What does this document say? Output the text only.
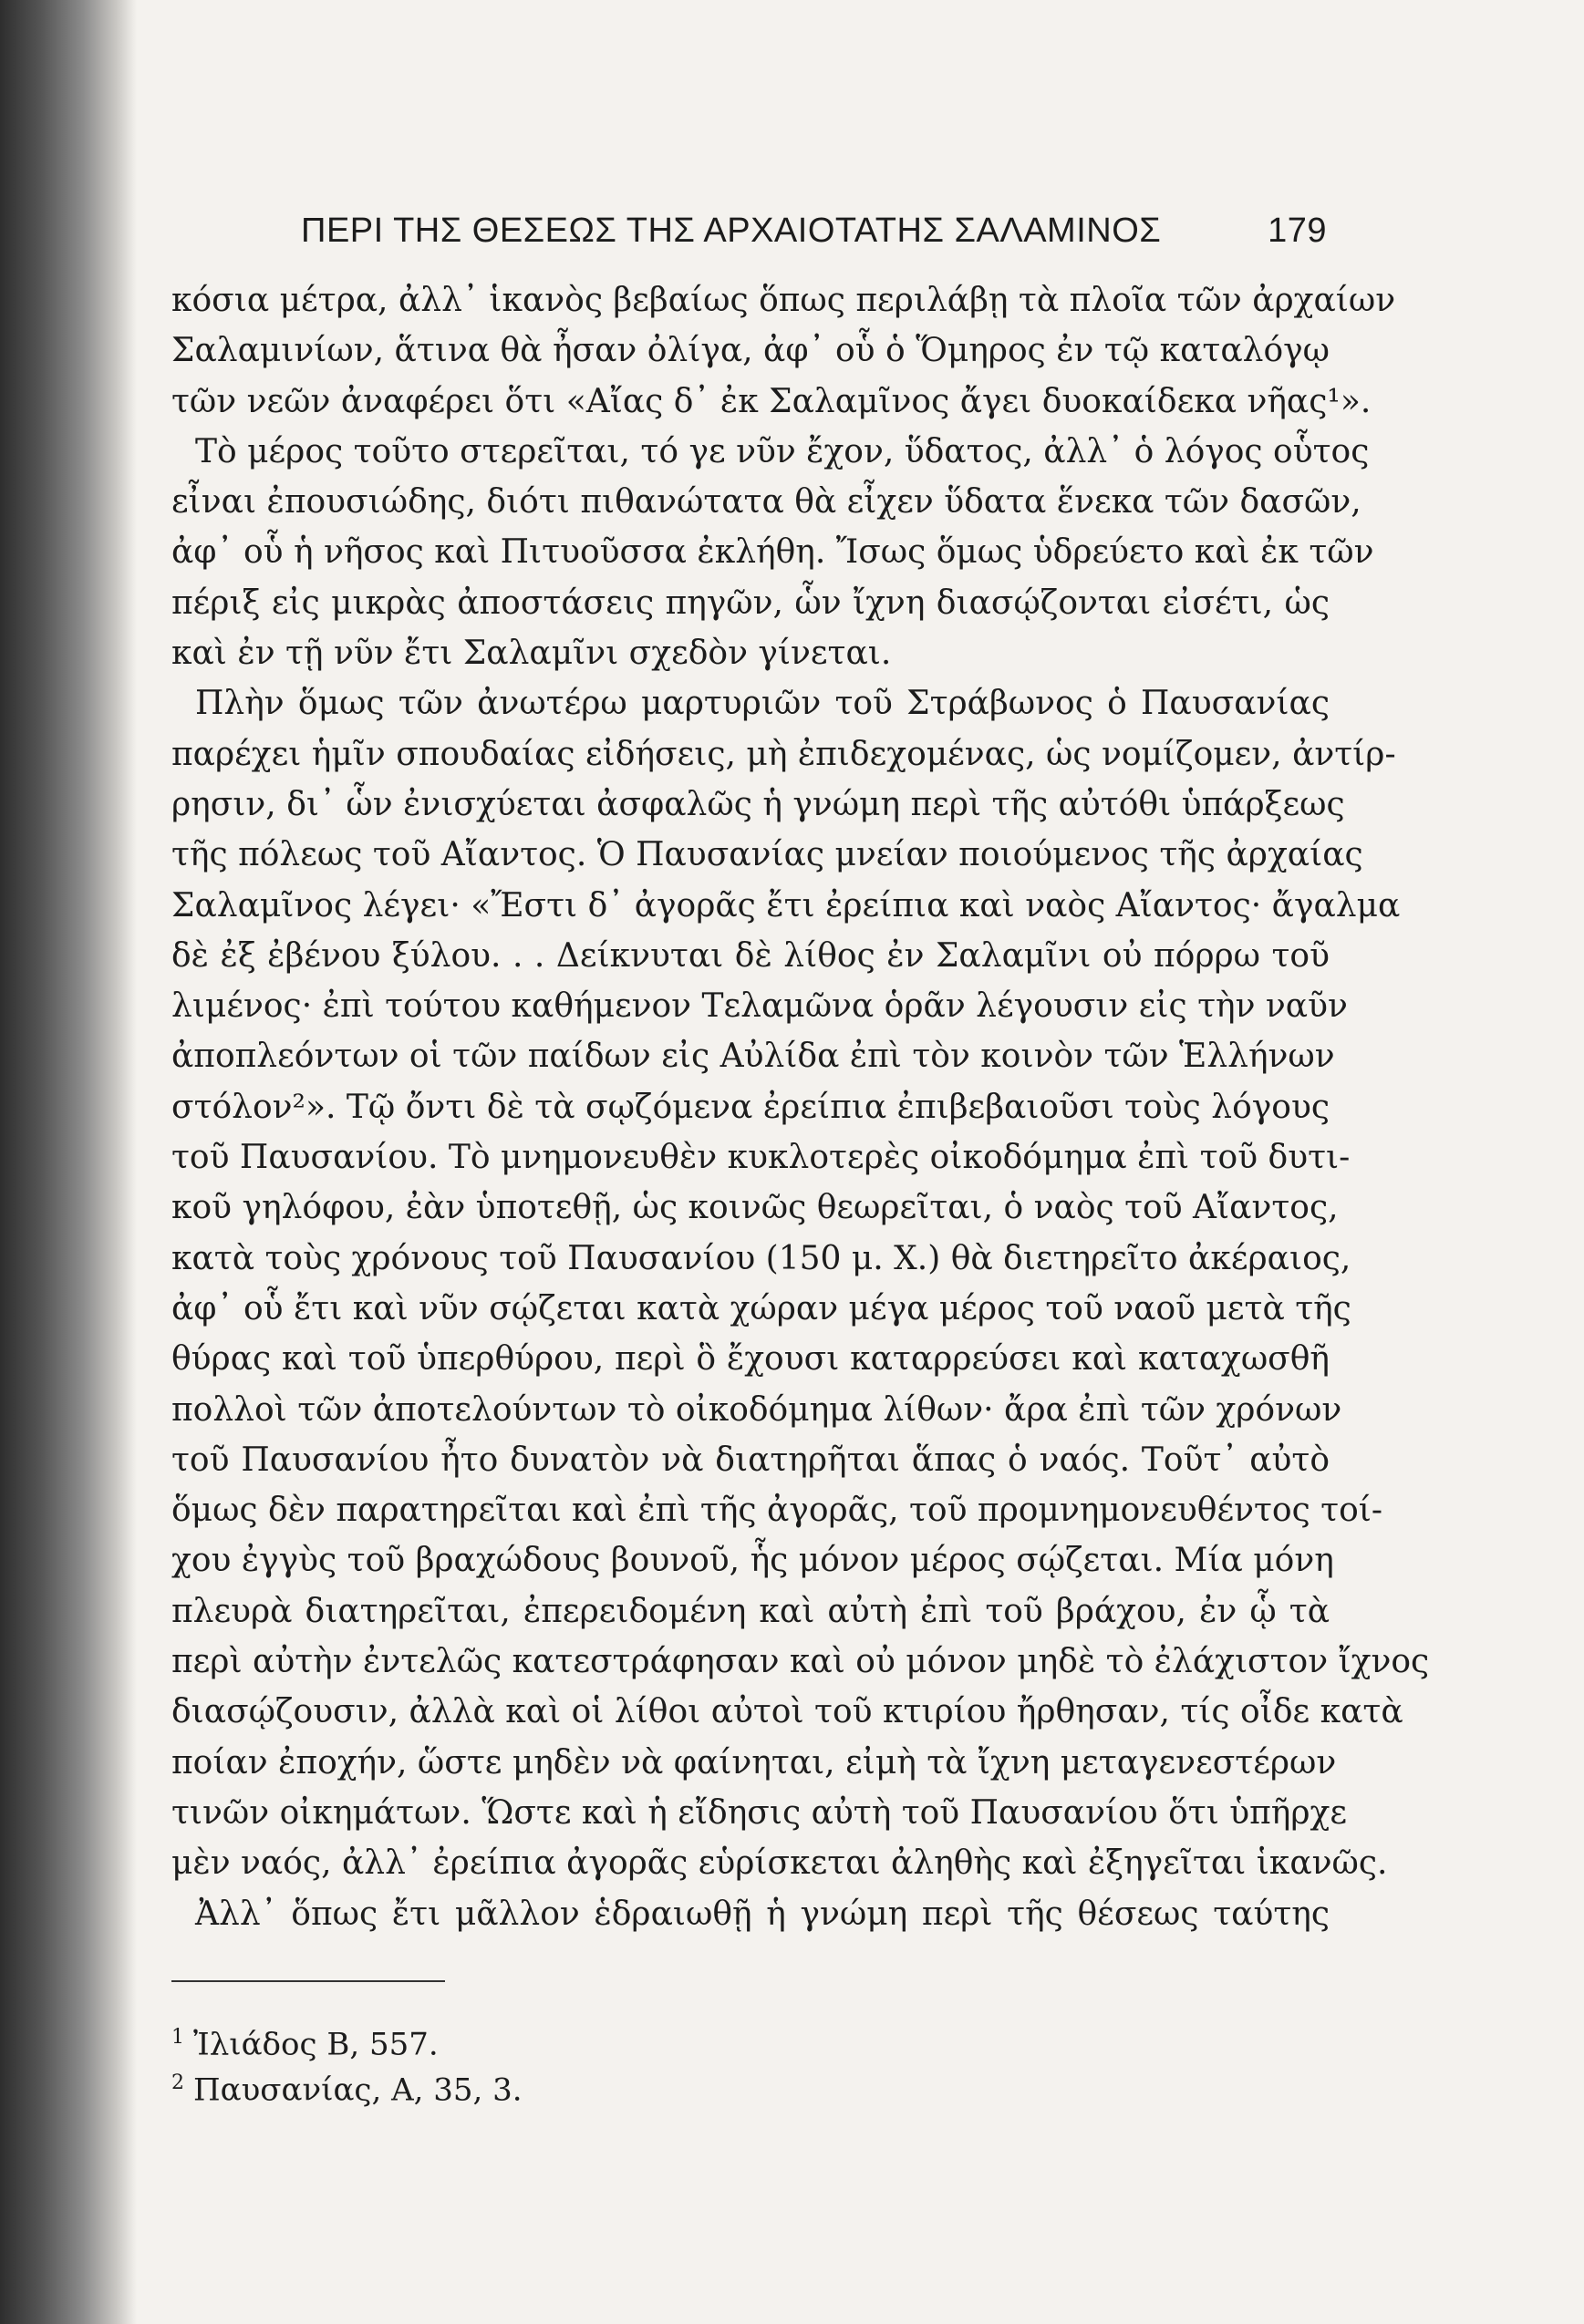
ΠΕΡΙ ΤΗΣ ΘΕΣΕΩΣ ΤΗΣ ΑΡΧΑΙΟΤΑΤΗΣ ΣΑΛΑΜΙΝΟΣ	179
κόσια μέτρα, ἀλλ᾽ ἱκανὸς βεβαίως ὅπως περιλάβῃ τὰ πλοῖα τῶν ἀρχαίων
Σαλαμινίων, ἅτινα θὰ ἦσαν ὀλίγα, ἀφ᾽ οὗ ὁ Ὅμηρος ἐν τῷ καταλόγῳ
τῶν νεῶν ἀναφέρει ὅτι «Αἴας δ᾽ ἐκ Σαλαμῖνος ἄγει δυοκαίδεκα νῆας¹».
Τὸ μέρος τοῦτο στερεῖται, τό γε νῦν ἔχον, ὕδατος, ἀλλ᾽ ὁ λόγος οὗτος
εἶναι ἐπουσιώδης, διότι πιθανώτατα θὰ εἶχεν ὕδατα ἕνεκα τῶν δασῶν,
ἀφ᾽ οὗ ἡ νῆσος καὶ Πιτυοῦσσα ἐκλήθη. Ἴσως ὅμως ὑδρεύετο καὶ ἐκ τῶν
πέριξ εἰς μικρὰς ἀποστάσεις πηγῶν, ὧν ἴχνη διασῴζονται εἰσέτι, ὡς
καὶ ἐν τῇ νῦν ἔτι Σαλαμῖνι σχεδὸν γίνεται.
Πλὴν ὅμως τῶν ἀνωτέρω μαρτυριῶν τοῦ Στράβωνος ὁ Παυσανίας
παρέχει ἡμῖν σπουδαίας εἰδήσεις, μὴ ἐπιδεχομένας, ὡς νομίζομεν, ἀντίρ-
ρησιν, δι᾽ ὧν ἐνισχύεται ἀσφαλῶς ἡ γνώμη περὶ τῆς αὐτόθι ὑπάρξεως
τῆς πόλεως τοῦ Αἴαντος. Ὁ Παυσανίας μνείαν ποιούμενος τῆς ἀρχαίας
Σαλαμῖνος λέγει· «Ἔστι δ᾽ ἀγορᾶς ἔτι ἐρείπια καὶ ναὸς Αἴαντος· ἄγαλμα
δὲ ἐξ ἐβένου ξύλου. . . Δείκνυται δὲ λίθος ἐν Σαλαμῖνι οὐ πόρρω τοῦ
λιμένος· ἐπὶ τούτου καθήμενον Τελαμῶνα ὁρᾶν λέγουσιν εἰς τὴν ναῦν
ἀποπλεόντων οἱ τῶν παίδων εἰς Αὐλίδα ἐπὶ τὸν κοινὸν τῶν Ἑλλήνων
στόλον²». Τῷ ὄντι δὲ τὰ σῳζόμενα ἐρείπια ἐπιβεβαιοῦσι τοὺς λόγους
τοῦ Παυσανίου. Τὸ μνημονευθὲν κυκλοτερὲς οἰκοδόμημα ἐπὶ τοῦ δυτι-
κοῦ γηλόφου, ἐὰν ὑποτεθῇ, ὡς κοινῶς θεωρεῖται, ὁ ναὸς τοῦ Αἴαντος,
κατὰ τοὺς χρόνους τοῦ Παυσανίου (150 μ. Χ.) θὰ διετηρεῖτο ἀκέραιος,
ἀφ᾽ οὗ ἔτι καὶ νῦν σῴζεται κατὰ χώραν μέγα μέρος τοῦ ναοῦ μετὰ τῆς
θύρας καὶ τοῦ ὑπερθύρου, περὶ ὃ ἔχουσι καταρρεύσει καὶ καταχωσθῆ
πολλοὶ τῶν ἀποτελούντων τὸ οἰκοδόμημα λίθων· ἄρα ἐπὶ τῶν χρόνων
τοῦ Παυσανίου ἦτο δυνατὸν νὰ διατηρῆται ἅπας ὁ ναός. Τοῦτ᾽ αὐτὸ
ὅμως δὲν παρατηρεῖται καὶ ἐπὶ τῆς ἀγορᾶς, τοῦ προμνημονευθέντος τοί-
χου ἐγγὺς τοῦ βραχώδους βουνοῦ, ἧς μόνον μέρος σῴζεται. Μία μόνη
πλευρὰ διατηρεῖται, ἐπερειδομένη καὶ αὐτὴ ἐπὶ τοῦ βράχου, ἐν ᾧ τὰ
περὶ αὐτὴν ἐντελῶς κατεστράφησαν καὶ οὐ μόνον μηδὲ τὸ ἐλάχιστον ἴχνος
διασῴζουσιν, ἀλλὰ καὶ οἱ λίθοι αὐτοὶ τοῦ κτιρίου ἤρθησαν, τίς οἶδε κατὰ
ποίαν ἐποχήν, ὥστε μηδὲν νὰ φαίνηται, εἰμὴ τὰ ἴχνη μεταγενεστέρων
τινῶν οἰκημάτων. Ὥστε καὶ ἡ εἴδησις αὐτὴ τοῦ Παυσανίου ὅτι ὑπῆρχε
μὲν ναός, ἀλλ᾽ ἐρείπια ἀγορᾶς εὑρίσκεται ἀληθὴς καὶ ἐξηγεῖται ἱκανῶς.
Ἀλλ᾽ ὅπως ἔτι μᾶλλον ἑδραιωθῇ ἡ γνώμη περὶ τῆς θέσεως ταύτης
$^1$ Ἰλιάδος Β, 557.
$^2$ Παυσανίας, Α, 35, 3.
